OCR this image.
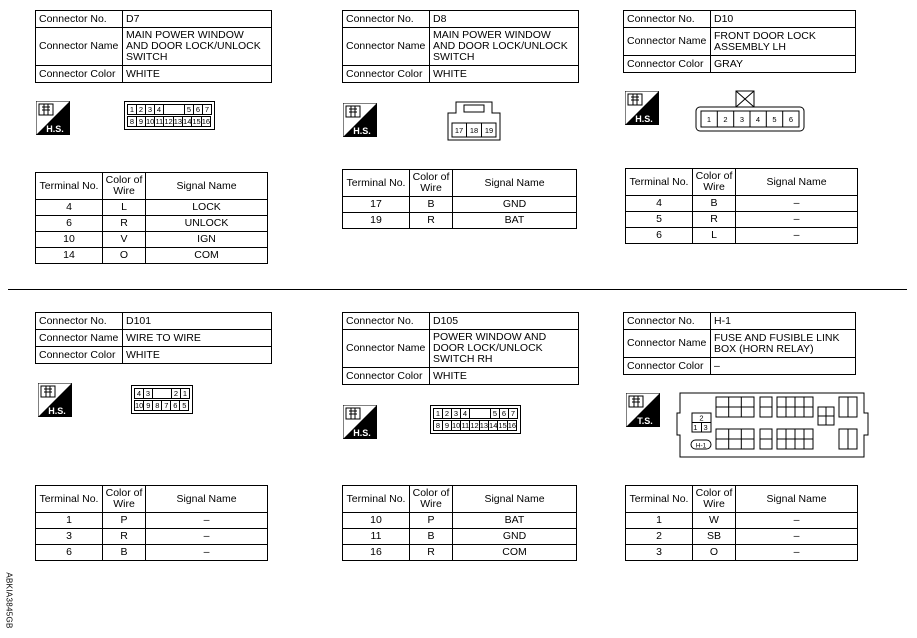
Connector No.	D7
Connector Name	MAIN POWER WINDOW AND DOOR LOCK/UNLOCK SWITCH
Connector Color	WHITE
H.S.
1	2	3	4		5	6	7
8	9	10	11	12	13	14	15	16
Terminal No.	Color of Wire	Signal Name
4	L	LOCK
6	R	UNLOCK
10	V	IGN
14	O	COM
Connector No.	D8
Connector Name	MAIN POWER WINDOW AND DOOR LOCK/UNLOCK SWITCH
Connector Color	WHITE
H.S.	17 18 19
Terminal No.	Color of Wire	Signal Name
17	B	GND
19	R	BAT
Connector No.	D10
Connector Name	FRONT DOOR LOCK ASSEMBLY LH
Connector Color	GRAY
H.S.	1 2 3 4 5 6
Terminal No.	Color of Wire	Signal Name
4	B	–
5	R	–
6	L	–
Connector No.	D101
Connector Name	WIRE TO WIRE
Connector Color	WHITE
H.S.
4	3		2	1
10	9	8	7	6	5
Terminal No.	Color of Wire	Signal Name
1	P	–
3	R	–
6	B	–
Connector No.	D105
Connector Name	POWER WINDOW AND DOOR LOCK/UNLOCK SWITCH RH
Connector Color	WHITE
H.S.
1	2	3	4		5	6	7
8	9	10	11	12	13	14	15	16
Terminal No.	Color of Wire	Signal Name
10	P	BAT
11	B	GND
16	R	COM
Connector No.	H-1
Connector Name	FUSE AND FUSIBLE LINK BOX (HORN RELAY)
Connector Color	–
T.S.	2
1 3
H-1
Terminal No.	Color of Wire	Signal Name
1	W	–
2	SB	–
3	O	–
ABKIA3845GB
